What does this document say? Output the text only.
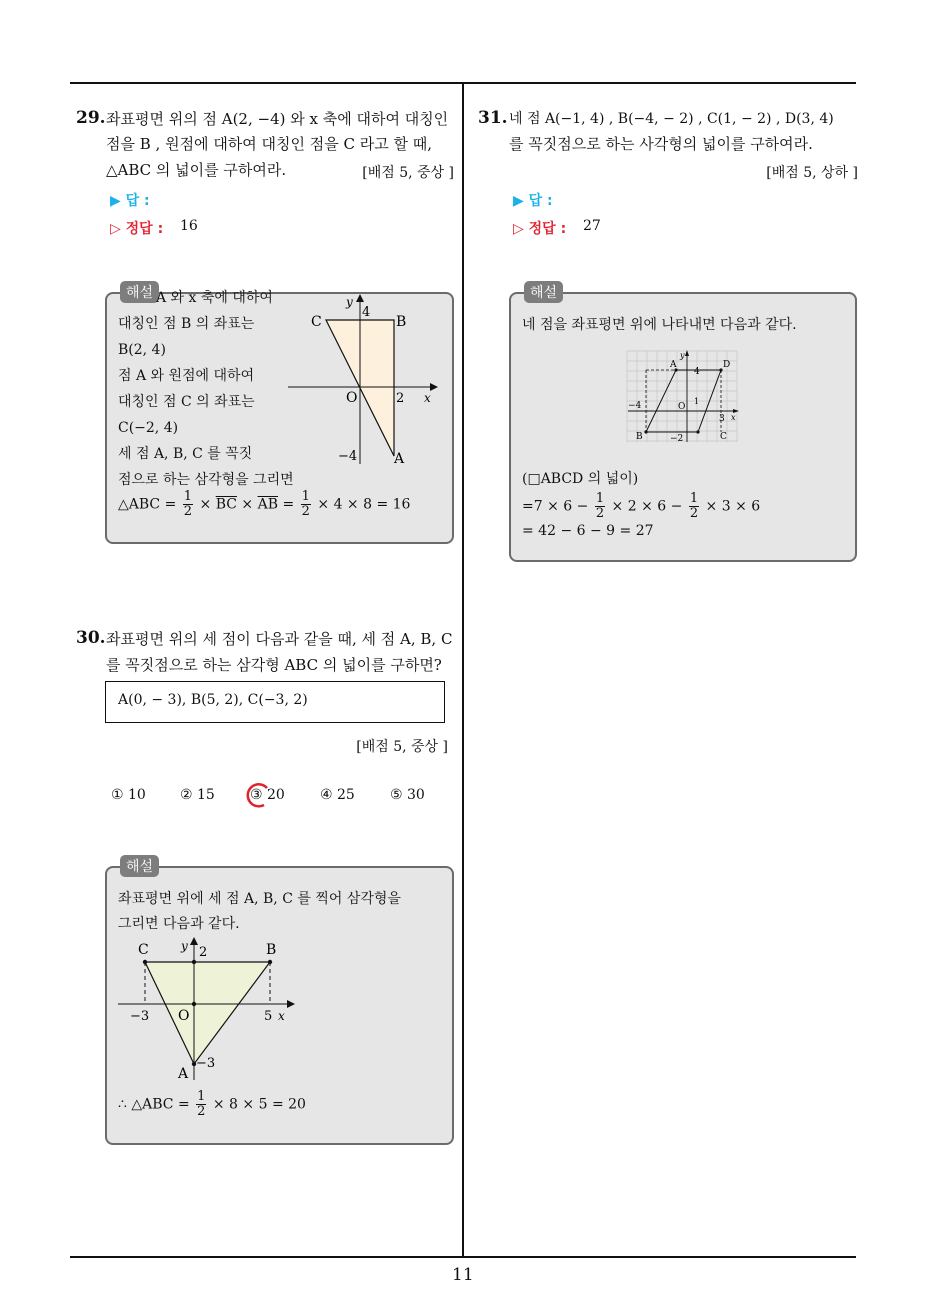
11
29. 좌표평면 위의 점 A(2, −4) 와 x 축에 대하여 대칭인
점을 B , 원점에 대하여 대칭인 점을 C 라고 할 때,
△ABC 의 넓이를 구하여라.	[배점 5, 중상 ]
▶ 답 :
▷ 정답 : 16
해설 A 와 x 축에 대하여
대칭인 점 B 의 좌표는
B(2, 4)
점 A 와 원점에 대하여
대칭인 점 C 의 좌표는
C(−2, 4)
세 점 A, B, C 를 꼭짓
점으로 하는 삼각형을 그리면
△ABC = $\frac{1}{2} \times \overline{BC} \times \overline{AB} = \frac{1}{2} \times 4 \times 8 = 16$
y
4
C	B
O	2 x
−4	A
30. 좌표평면 위의 세 점이 다음과 같을 때, 세 점 A, B, C
를 꼭짓점으로 하는 삼각형 ABC 의 넓이를 구하면?
A(0, − 3), B(5, 2), C(−3, 2)
[배점 5, 중상 ]
① 10 ② 15	③ 20	④ 25	⑤ 30
해설
좌표평면 위에 세 점 A, B, C 를 찍어 삼각형을
그리면 다음과 같다.
C	y 2	B
−3 O	5 x
A
−3
∴ △ABC = $\frac{1}{2} \times 8 \times 5 = 20$
31. 네 점 A(−1, 4) , B(−4, − 2) , C(1, − 2) , D(3, 4)
를 꼭짓점으로 하는 사각형의 넓이를 구하여라.
[배점 5, 상하 ]
▶ 답 :
▷ 정답 : 27
해설
네 점을 좌표평면 위에 나타내면 다음과 같다.
y
A
4
D
−4	O
1
3 x
B	−2	C
(□ABCD 의 넓이)
$=7 \times 6 - \frac{1}{2} \times 2 \times 6 - \frac{1}{2} \times 3 \times 6$
= 42 − 6 − 9 = 27
